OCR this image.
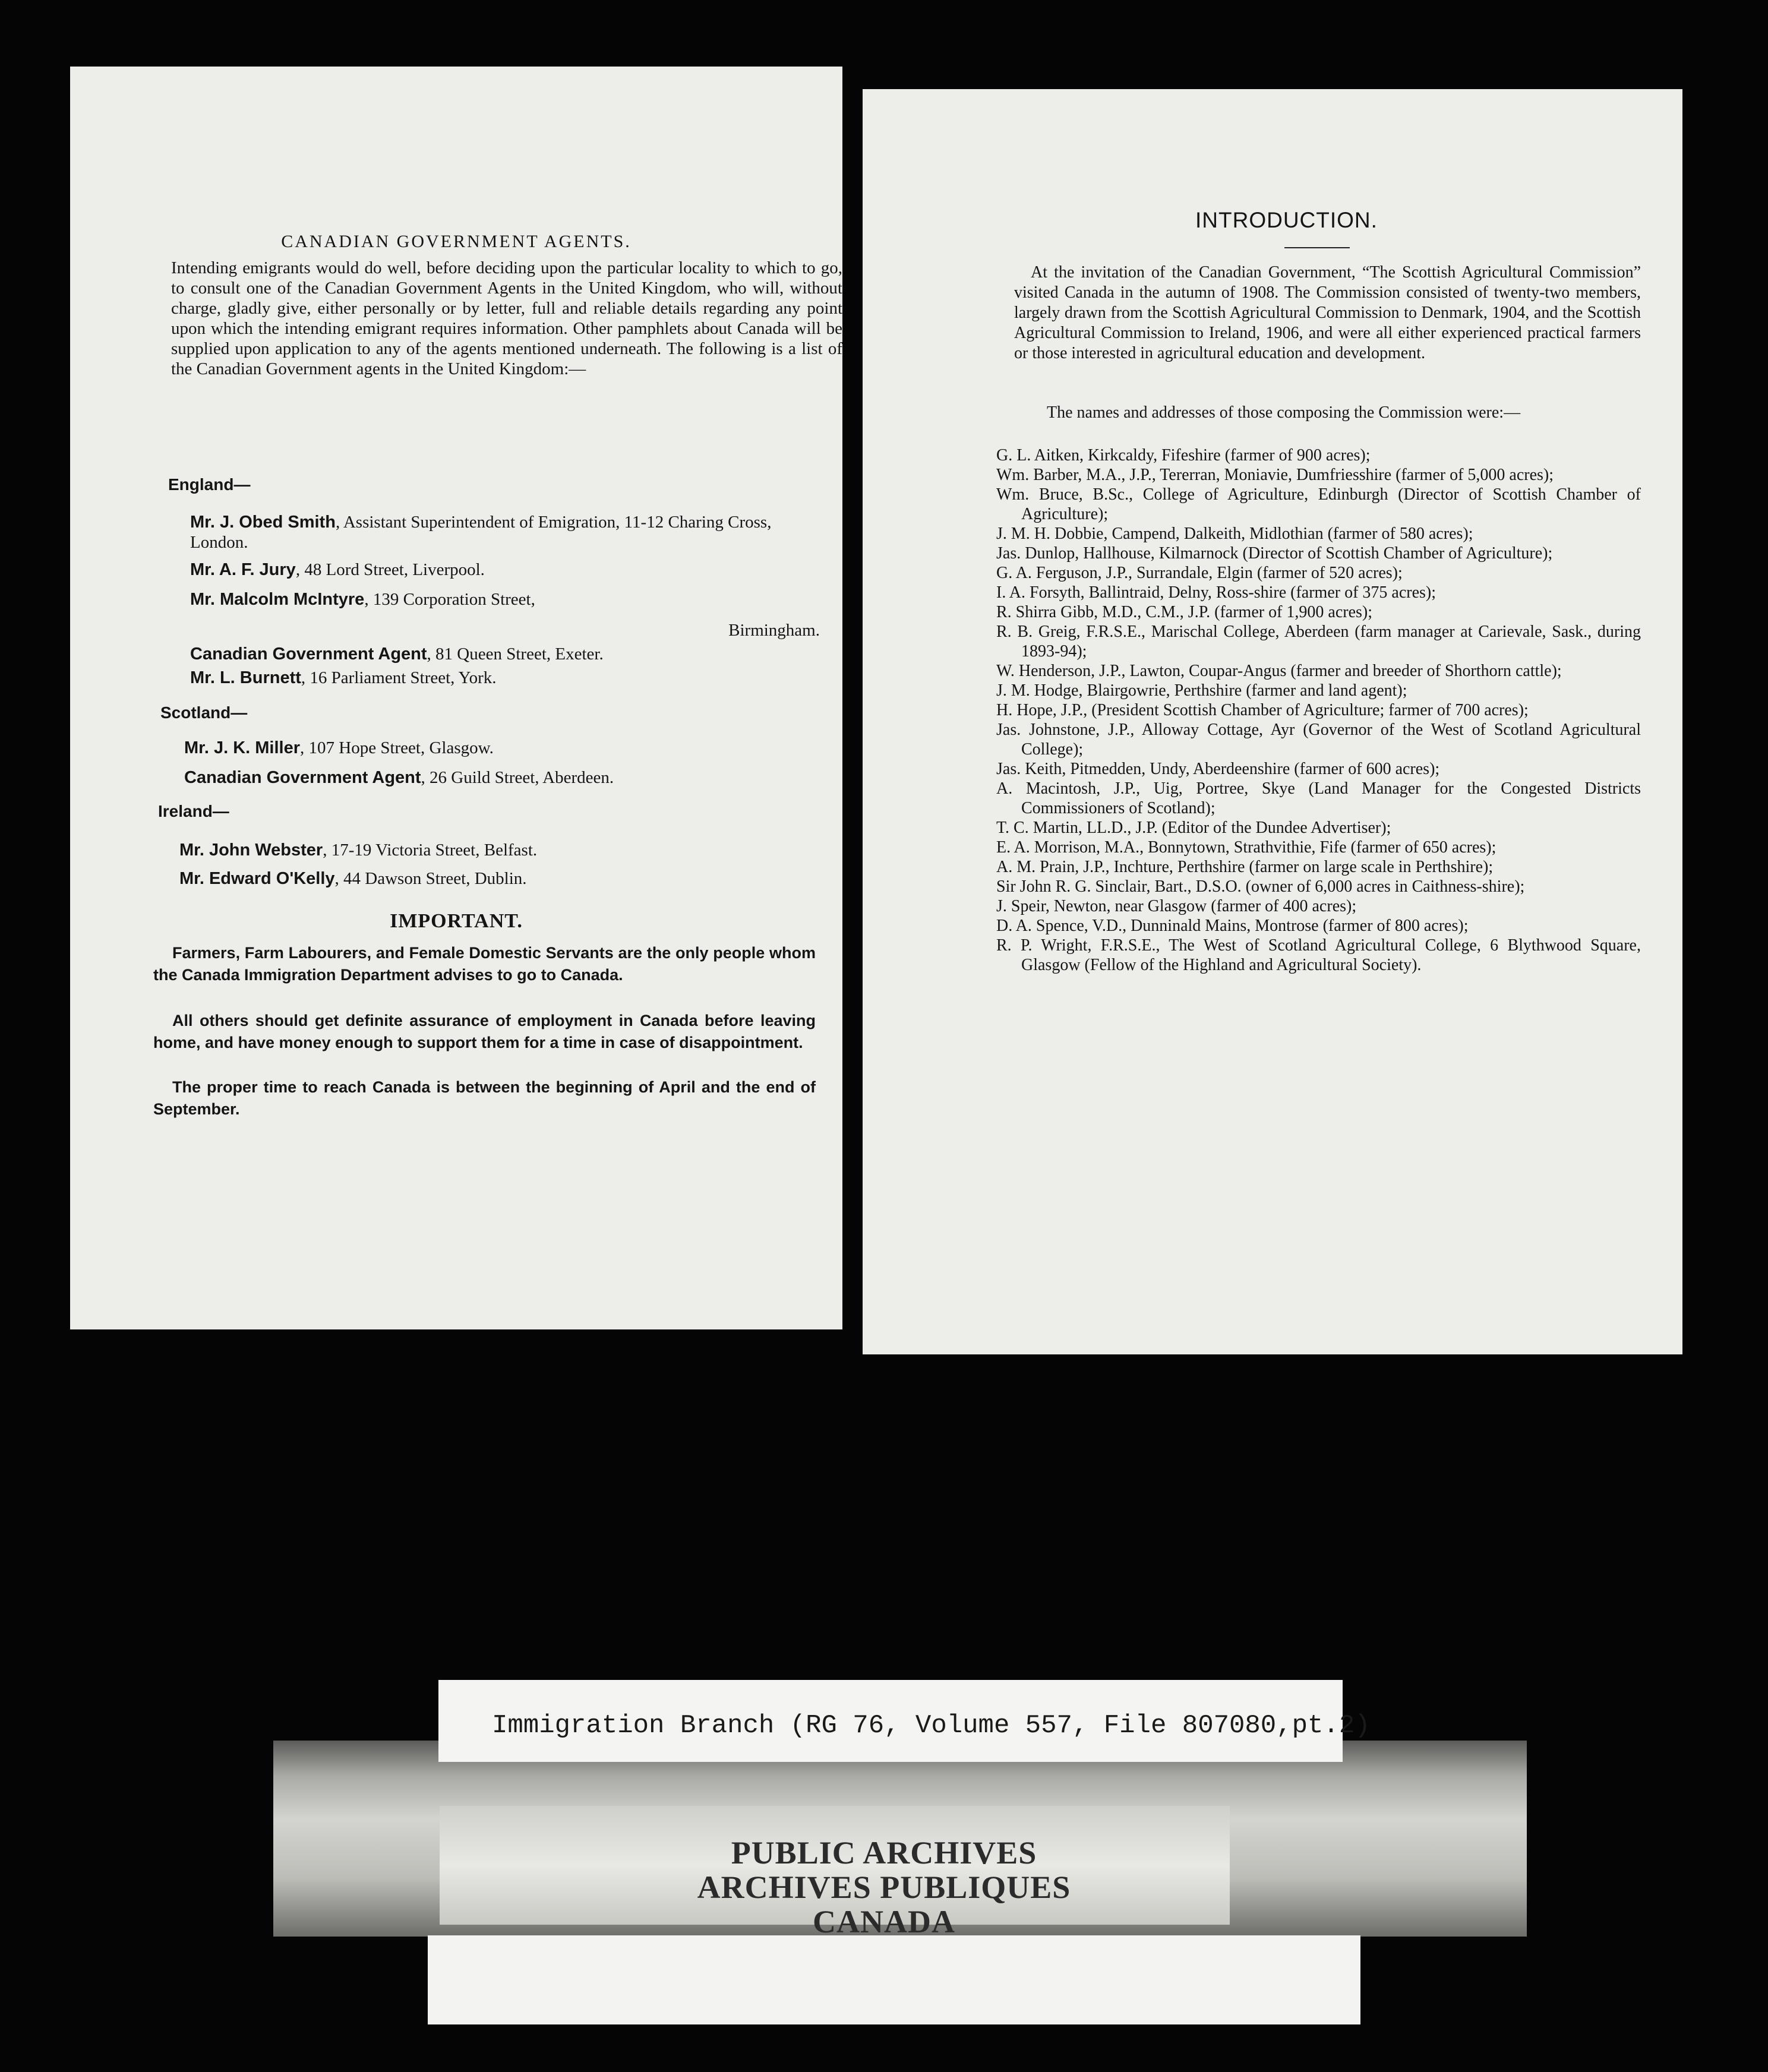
CANADIAN GOVERNMENT AGENTS.
Intending emigrants would do well, before deciding upon the particular locality to which to go, to consult one of the Canadian Government Agents in the United Kingdom, who will, without charge, gladly give, either personally or by letter, full and reliable details regarding any point upon which the intending emigrant requires information. Other pamphlets about Canada will be supplied upon application to any of the agents mentioned underneath. The following is a list of the Canadian Government agents in the United Kingdom:—
England—
Mr. J. Obed Smith, Assistant Superintendent of Emigration, 11-12 Charing Cross, London.
Mr. A. F. Jury, 48 Lord Street, Liverpool.
Mr. Malcolm McIntyre, 139 Corporation Street,
Birmingham.
Canadian Government Agent, 81 Queen Street, Exeter.
Mr. L. Burnett, 16 Parliament Street, York.
Scotland—
Mr. J. K. Miller, 107 Hope Street, Glasgow.
Canadian Government Agent, 26 Guild Street, Aberdeen.
Ireland—
Mr. John Webster, 17-19 Victoria Street, Belfast.
Mr. Edward O'Kelly, 44 Dawson Street, Dublin.
IMPORTANT.
Farmers, Farm Labourers, and Female Domestic Servants are the only people whom the Canada Immigration Department advises to go to Canada.
All others should get definite assurance of employment in Canada before leaving home, and have money enough to support them for a time in case of disappointment.
The proper time to reach Canada is between the beginning of April and the end of September.
INTRODUCTION.
At the invitation of the Canadian Government, “The Scottish Agricultural Commission” visited Canada in the autumn of 1908. The Commission consisted of twenty-two members, largely drawn from the Scottish Agricultural Commission to Denmark, 1904, and the Scottish Agricultural Commission to Ireland, 1906, and were all either experienced practical farmers or those interested in agricultural education and development.
The names and addresses of those composing the Commission were:—
G. L. Aitken, Kirkcaldy, Fifeshire (farmer of 900 acres);
Wm. Barber, M.A., J.P., Tererran, Moniavie, Dumfriesshire (farmer of 5,000 acres);
Wm. Bruce, B.Sc., College of Agriculture, Edinburgh (Director of Scottish Chamber of Agriculture);
J. M. H. Dobbie, Campend, Dalkeith, Midlothian (farmer of 580 acres);
Jas. Dunlop, Hallhouse, Kilmarnock (Director of Scottish Chamber of Agriculture);
G. A. Ferguson, J.P., Surrandale, Elgin (farmer of 520 acres);
I. A. Forsyth, Ballintraid, Delny, Ross-shire (farmer of 375 acres);
R. Shirra Gibb, M.D., C.M., J.P. (farmer of 1,900 acres);
R. B. Greig, F.R.S.E., Marischal College, Aberdeen (farm manager at Carievale, Sask., during 1893-94);
W. Henderson, J.P., Lawton, Coupar-Angus (farmer and breeder of Shorthorn cattle);
J. M. Hodge, Blairgowrie, Perthshire (farmer and land agent);
H. Hope, J.P., (President Scottish Chamber of Agriculture; farmer of 700 acres);
Jas. Johnstone, J.P., Alloway Cottage, Ayr (Governor of the West of Scotland Agricultural College);
Jas. Keith, Pitmedden, Undy, Aberdeenshire (farmer of 600 acres);
A. Macintosh, J.P., Uig, Portree, Skye (Land Manager for the Congested Districts Commissioners of Scotland);
T. C. Martin, LL.D., J.P. (Editor of the Dundee Advertiser);
E. A. Morrison, M.A., Bonnytown, Strathvithie, Fife (farmer of 650 acres);
A. M. Prain, J.P., Inchture, Perthshire (farmer on large scale in Perthshire);
Sir John R. G. Sinclair, Bart., D.S.O. (owner of 6,000 acres in Caithness-shire);
J. Speir, Newton, near Glasgow (farmer of 400 acres);
D. A. Spence, V.D., Dunninald Mains, Montrose (farmer of 800 acres);
R. P. Wright, F.R.S.E., The West of Scotland Agricultural College, 6 Blythwood Square, Glasgow (Fellow of the Highland and Agricultural Society).
PUBLIC ARCHIVES
ARCHIVES PUBLIQUES
CANADA
Immigration Branch (RG 76, Volume 557, File 807080,pt.2)
